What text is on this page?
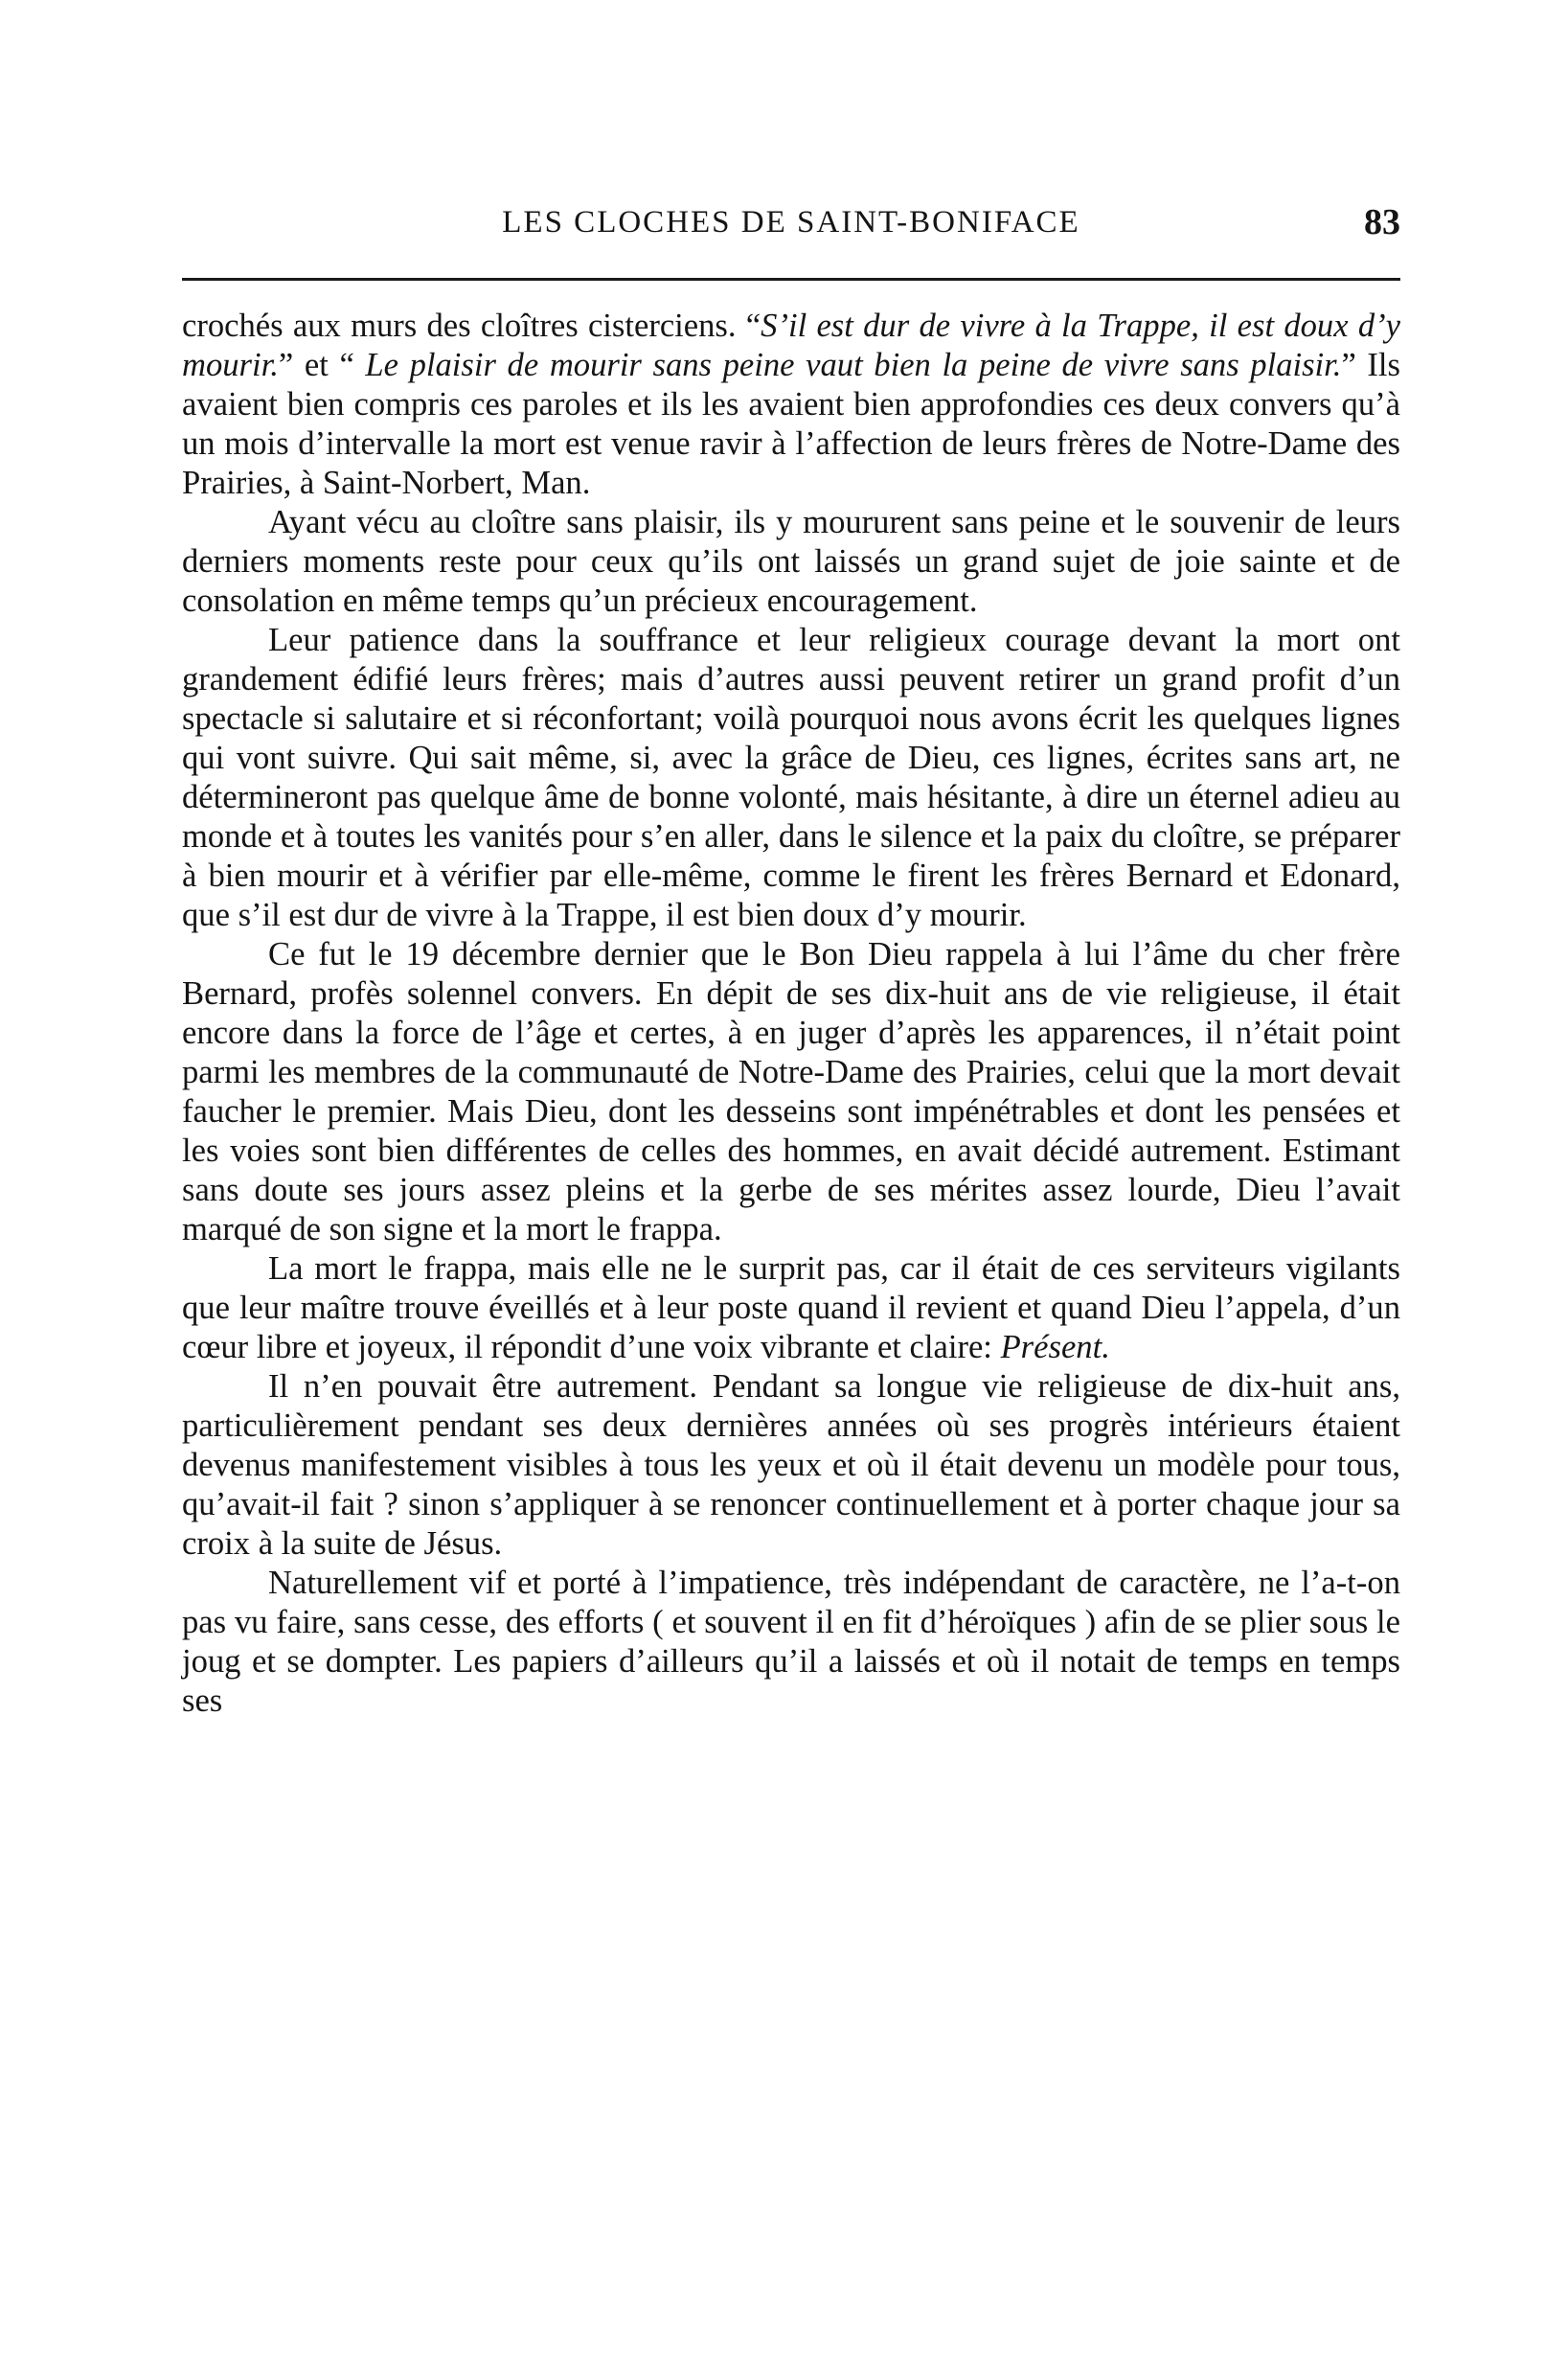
LES CLOCHES DE SAINT-BONIFACE	83

crochés aux murs des cloîtres cisterciens. “S’il est dur de vivre à la Trappe, il est doux d’y mourir.” et “ Le plaisir de mourir sans peine vaut bien la peine de vivre sans plaisir.” Ils avaient bien compris ces paroles et ils les avaient bien approfondies ces deux convers qu’à un mois d’intervalle la mort est venue ravir à l’affection de leurs frères de Notre-Dame des Prairies, à Saint-Norbert, Man.

Ayant vécu au cloître sans plaisir, ils y moururent sans peine et le souvenir de leurs derniers moments reste pour ceux qu’ils ont laissés un grand sujet de joie sainte et de consolation en même temps qu’un précieux encouragement.

Leur patience dans la souffrance et leur religieux courage devant la mort ont grandement édifié leurs frères; mais d’autres aussi peuvent retirer un grand profit d’un spectacle si salutaire et si réconfortant; voilà pourquoi nous avons écrit les quelques lignes qui vont suivre. Qui sait même, si, avec la grâce de Dieu, ces lignes, écrites sans art, ne détermineront pas quelque âme de bonne volonté, mais hésitante, à dire un éternel adieu au monde et à toutes les vanités pour s’en aller, dans le silence et la paix du cloître, se préparer à bien mourir et à vérifier par elle-même, comme le firent les frères Bernard et Edonard, que s’il est dur de vivre à la Trappe, il est bien doux d’y mourir.

Ce fut le 19 décembre dernier que le Bon Dieu rappela à lui l’âme du cher frère Bernard, profès solennel convers. En dépit de ses dix-huit ans de vie religieuse, il était encore dans la force de l’âge et certes, à en juger d’après les apparences, il n’était point parmi les membres de la communauté de Notre-Dame des Prairies, celui que la mort devait faucher le premier. Mais Dieu, dont les desseins sont impénétrables et dont les pensées et les voies sont bien différentes de celles des hommes, en avait décidé autrement. Estimant sans doute ses jours assez pleins et la gerbe de ses mérites assez lourde, Dieu l’avait marqué de son signe et la mort le frappa.

La mort le frappa, mais elle ne le surprit pas, car il était de ces serviteurs vigilants que leur maître trouve éveillés et à leur poste quand il revient et quand Dieu l’appela, d’un cœur libre et joyeux, il répondit d’une voix vibrante et claire: Présent.

Il n’en pouvait être autrement. Pendant sa longue vie religieuse de dix-huit ans, particulièrement pendant ses deux dernières années où ses progrès intérieurs étaient devenus manifestement visibles à tous les yeux et où il était devenu un modèle pour tous, qu’avait-il fait ? sinon s’appliquer à se renoncer continuellement et à porter chaque jour sa croix à la suite de Jésus.

Naturellement vif et porté à l’impatience, très indépendant de caractère, ne l’a-t-on pas vu faire, sans cesse, des efforts ( et souvent il en fit d’héroïques ) afin de se plier sous le joug et se dompter. Les papiers d’ailleurs qu’il a laissés et où il notait de temps en temps ses
